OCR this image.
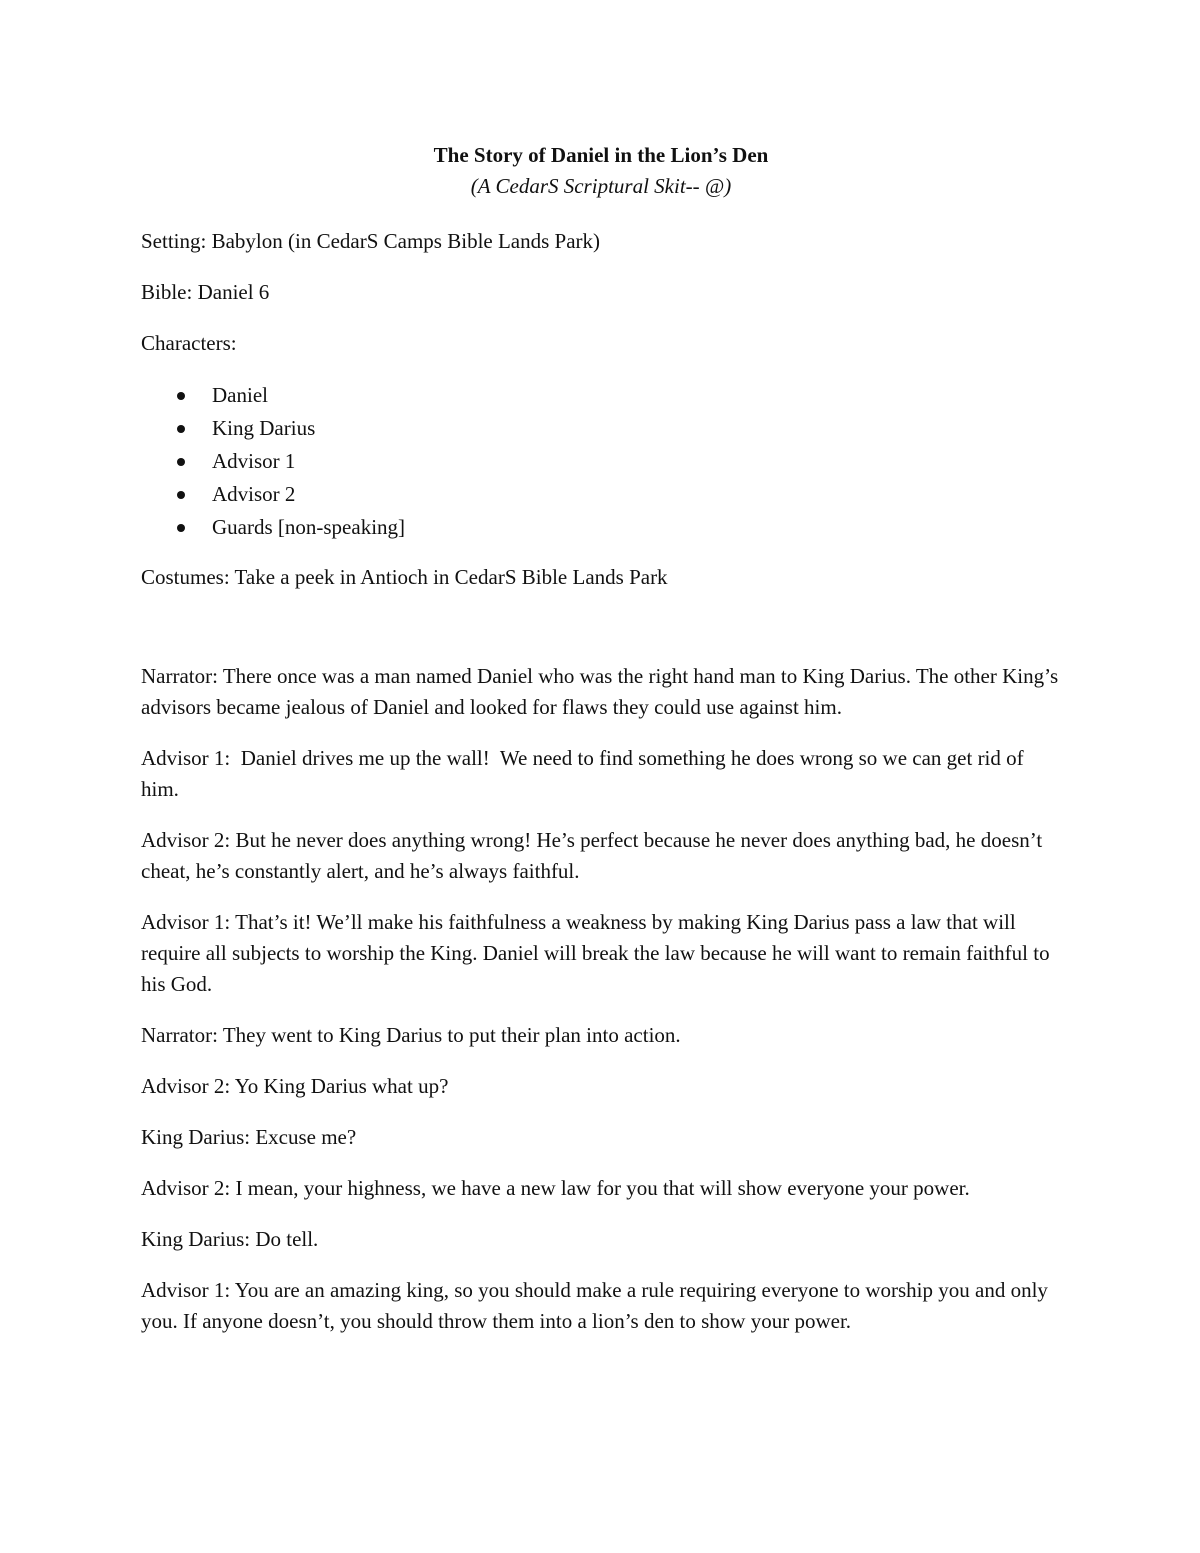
The Story of Daniel in the Lion’s Den

(A CedarS Scriptural Skit-- @)

Setting: Babylon (in CedarS Camps Bible Lands Park)

Bible: Daniel 6

Characters:

Daniel
King Darius
Advisor 1
Advisor 2
Guards [non-speaking]

Costumes: Take a peek in Antioch in CedarS Bible Lands Park

Narrator: There once was a man named Daniel who was the right hand man to King Darius. The other King’s advisors became jealous of Daniel and looked for flaws they could use against him.

Advisor 1:  Daniel drives me up the wall!  We need to find something he does wrong so we can get rid of him.

Advisor 2: But he never does anything wrong! He’s perfect because he never does anything bad, he doesn’t cheat, he’s constantly alert, and he’s always faithful.

Advisor 1: That’s it! We’ll make his faithfulness a weakness by making King Darius pass a law that will require all subjects to worship the King. Daniel will break the law because he will want to remain faithful to his God.

Narrator: They went to King Darius to put their plan into action.

Advisor 2: Yo King Darius what up?

King Darius: Excuse me?

Advisor 2: I mean, your highness, we have a new law for you that will show everyone your power.

King Darius: Do tell.

Advisor 1: You are an amazing king, so you should make a rule requiring everyone to worship you and only you. If anyone doesn’t, you should throw them into a lion’s den to show your power.
